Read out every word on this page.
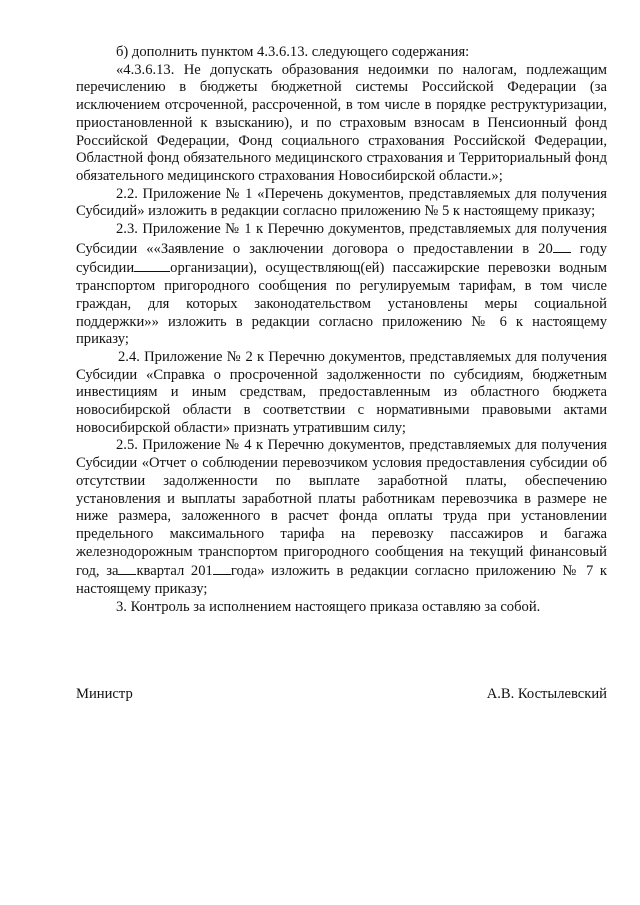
б) дополнить пунктом 4.3.6.13. следующего содержания:

«4.3.6.13. Не допускать образования недоимки по налогам, подлежащим перечислению в бюджеты бюджетной системы Российской Федерации (за исключением отсроченной, рассроченной, в том числе в порядке реструктуризации, приостановленной к взысканию), и по страховым взносам в Пенсионный фонд Российской Федерации, Фонд социального страхования Российской Федерации, Областной фонд обязательного медицинского страхования и Территориальный фонд обязательного медицинского страхования Новосибирской области.»;

2.2. Приложение № 1 «Перечень документов, представляемых для получения Субсидий» изложить в редакции согласно приложению № 5 к настоящему приказу;

2.3. Приложение № 1 к Перечню документов, представляемых для получения Субсидии ««Заявление о заключении договора о предоставлении в 20 году субсидии организации), осуществляющ(ей) пассажирские перевозки водным транспортом пригородного сообщения по регулируемым тарифам, в том числе граждан, для которых законодательством установлены меры социальной поддержки»» изложить в редакции согласно приложению № 6 к настоящему приказу;

2.4. Приложение № 2 к Перечню документов, представляемых для получения Субсидии «Справка о просроченной задолженности по субсидиям, бюджетным инвестициям и иным средствам, предоставленным из областного бюджета новосибирской области в соответствии с нормативными правовыми актами новосибирской области» признать утратившим силу;

2.5. Приложение № 4 к Перечню документов, представляемых для получения Субсидии «Отчет о соблюдении перевозчиком условия предоставления субсидии об отсутствии задолженности по выплате заработной платы, обеспечению установления и выплаты заработной платы работникам перевозчика в размере не ниже размера, заложенного в расчет фонда оплаты труда при установлении предельного максимального тарифа на перевозку пассажиров и багажа железнодорожным транспортом пригородного сообщения на текущий финансовый год, за квартал 201 года» изложить в редакции согласно приложению № 7 к настоящему приказу;

3. Контроль за исполнением настоящего приказа оставляю за собой.

Министр	А.В. Костылевский
